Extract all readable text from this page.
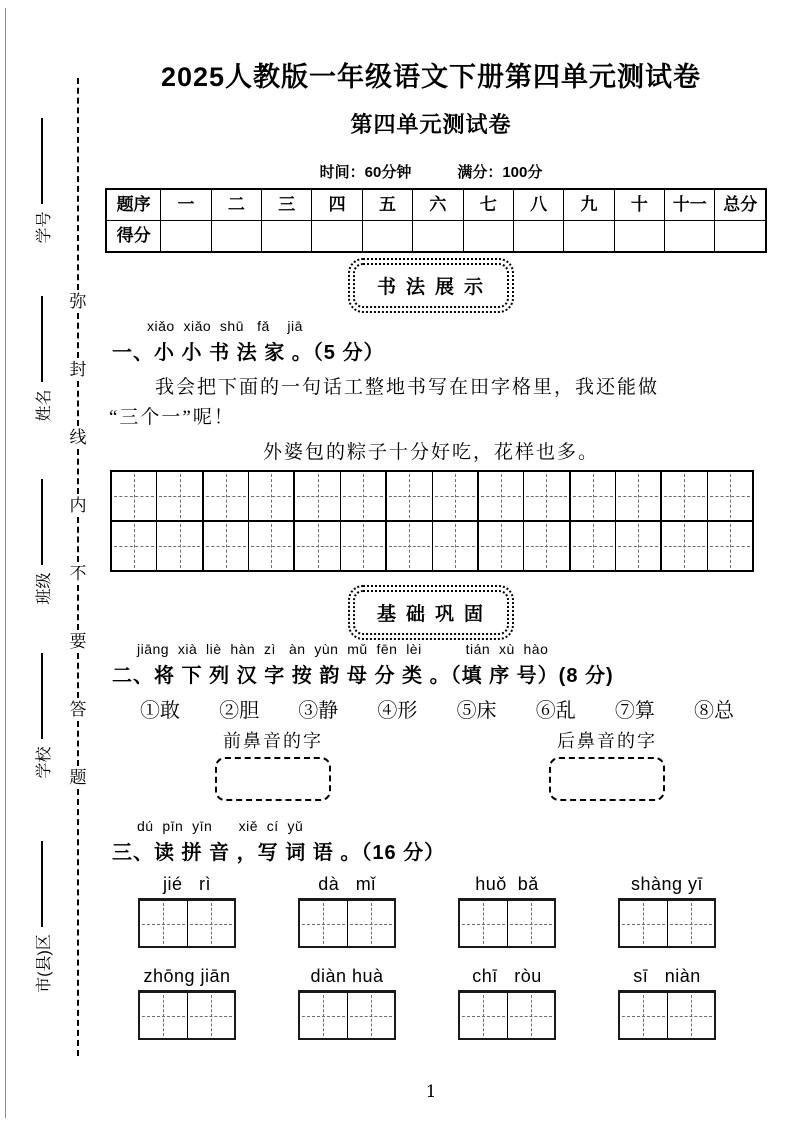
学号
姓名
班级
学校
市(县)区
弥
封
线
内
不
要
答
题
2025人教版一年级语文下册第四单元测试卷
第四单元测试卷
时间：60分钟	满分：100分
题序	一	二	三	四	五	六	七	八	九	十	十一	总分
得分												
书法展示
xiǎo  xiǎo  shū   fǎ    jiā
一、小 小 书 法 家 。（5 分）
我会把下面的一句话工整地书写在田字格里，我还能做
“三个一”呢！
外婆包的粽子十分好吃，花样也多。
基础巩固
jiāng  xià  liè  hàn  zì   àn  yùn  mǔ  fēn  lèi          tián  xù  hào
二、将 下 列 汉 字 按 韵 母 分 类 。（填 序 号）(8 分)
①敢 ②胆 ③静 ④形 ⑤床 ⑥乱 ⑦算 ⑧总
前鼻音的字	后鼻音的字
dú  pīn  yīn      xiě  cí  yǔ
三、读 拼 音 ，写 词 语 。（16 分）
jié   rì	dà   mǐ	huǒ  bǎ	shàng yī
zhōng jiān	diàn huà	chī   ròu	sī   niàn
1
